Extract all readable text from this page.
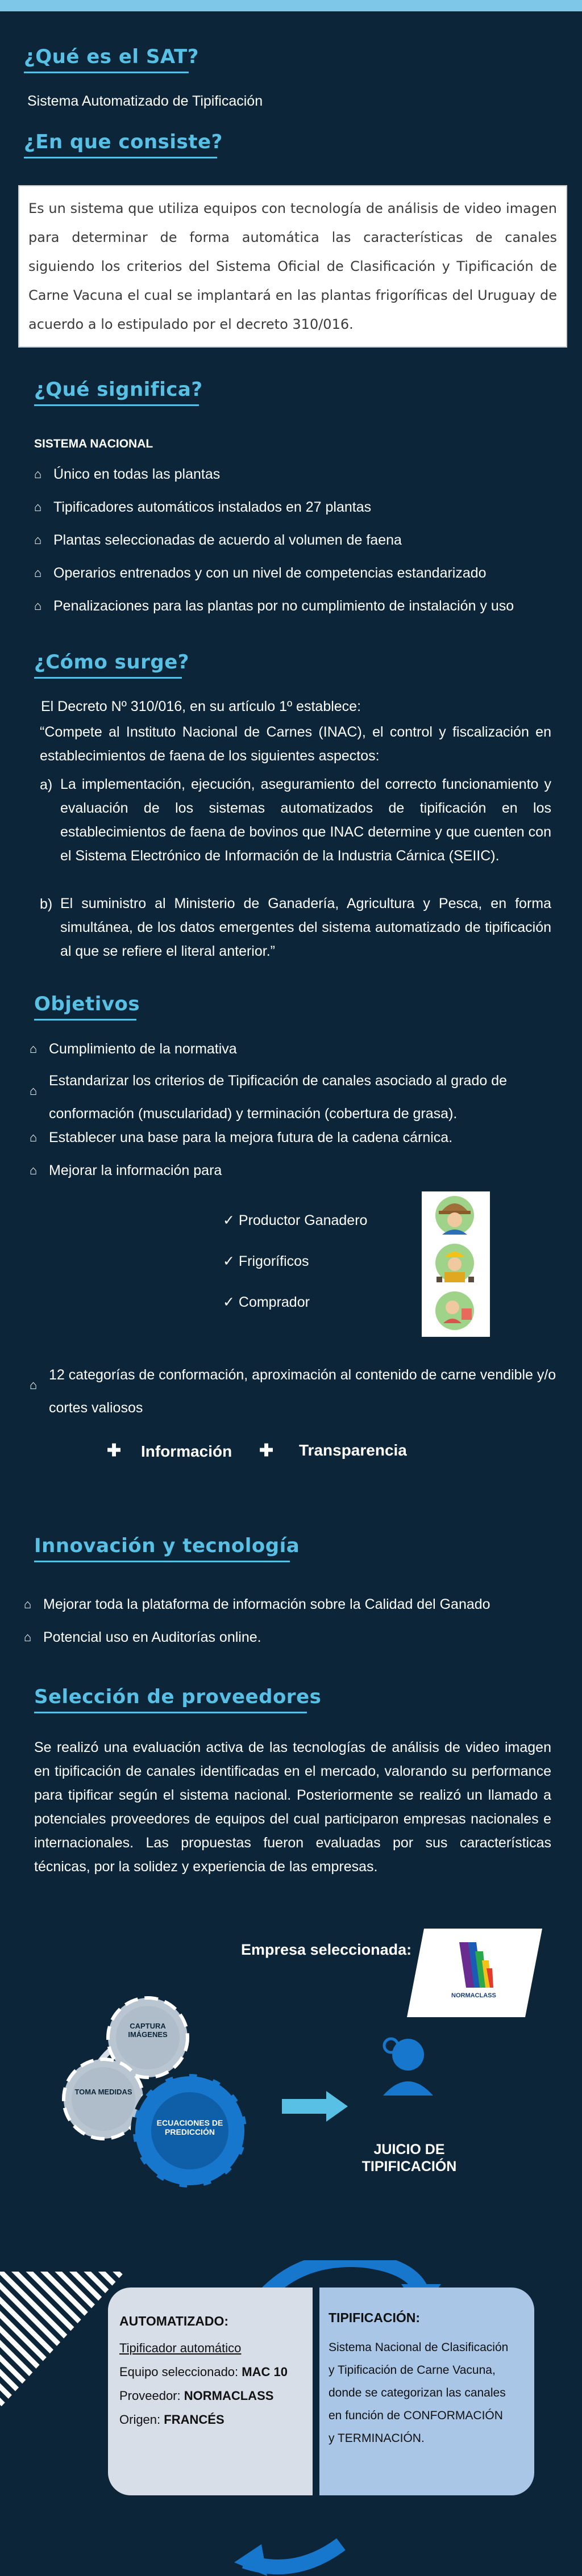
¿Qué es el SAT?
Sistema Automatizado de Tipificación
¿En que consiste?

Es un sistema que utiliza equipos con tecnología de análisis de video imagen para determinar de forma automática las características de canales siguiendo los criterios del Sistema Oficial de Clasificación y Tipificación de Carne Vacuna el cual se implantará en las plantas frigoríficas del Uruguay de acuerdo a lo estipulado por el decreto 310/016.

¿Qué significa?
SISTEMA NACIONAL
⌂ Único en todas las plantas
⌂ Tipificadores automáticos instalados en 27 plantas
⌂ Plantas seleccionadas de acuerdo al volumen de faena
⌂ Operarios entrenados y con un nivel de competencias estandarizado
⌂ Penalizaciones para las plantas por no cumplimiento de instalación y uso
¿Cómo surge?
El Decreto Nº 310/016, en su artículo 1º establece:
“Compete al Instituto Nacional de Carnes (INAC), el control y fiscalización en establecimientos de faena de los siguientes aspectos:
a) La implementación, ejecución, aseguramiento del correcto funcionamiento y evaluación de los sistemas automatizados de tipificación en los establecimientos de faena de bovinos que INAC determine y que cuenten con el Sistema Electrónico de Información de la Industria Cárnica (SEIIC).
b) El suministro al Ministerio de Ganadería, Agricultura y Pesca, en forma simultánea, de los datos emergentes del sistema automatizado de tipificación al que se refiere el literal anterior.”
Objetivos
⌂ Cumplimiento de la normativa
⌂
Estandarizar los criterios de Tipificación de canales asociado al grado de conformación (muscularidad) y terminación (cobertura de grasa).
⌂ Establecer una base para la mejora futura de la cadena cárnica.
⌂ Mejorar la información para
✓ Productor Ganadero
✓ Frigoríficos
✓ Comprador
⌂
12 categorías de conformación, aproximación al contenido de carne vendible y/o cortes valiosos
✚ Información ✚ Transparencia
Innovación y tecnología
⌂ Mejorar toda la plataforma de información sobre la Calidad del Ganado
⌂ Potencial uso en Auditorías online.
Selección de proveedores
Se realizó una evaluación activa de las tecnologías de análisis de video imagen en tipificación de canales identificadas en el mercado, valorando su performance para tipificar según el sistema nacional. Posteriormente se realizó un llamado a potenciales proveedores de equipos del cual participaron empresas nacionales e internacionales. Las propuestas fueron evaluadas por sus características técnicas, por la solidez y experiencia de las empresas.
Empresa seleccionada:
NORMACLASS
CAPTURA IMÁGENES
TOMA MEDIDAS
ECUACIONES DE PREDICCIÓN
JUICIO DE TIPIFICACIÓN
AUTOMATIZADO:
Tipificador automático
Equipo seleccionado: MAC 10
Proveedor: NORMACLASS
Origen: FRANCÉS
TIPIFICACIÓN:
Sistema Nacional de Clasificación y Tipificación de Carne Vacuna, donde se categorizan las canales en función de CONFORMACIÓN y TERMINACIÓN.
